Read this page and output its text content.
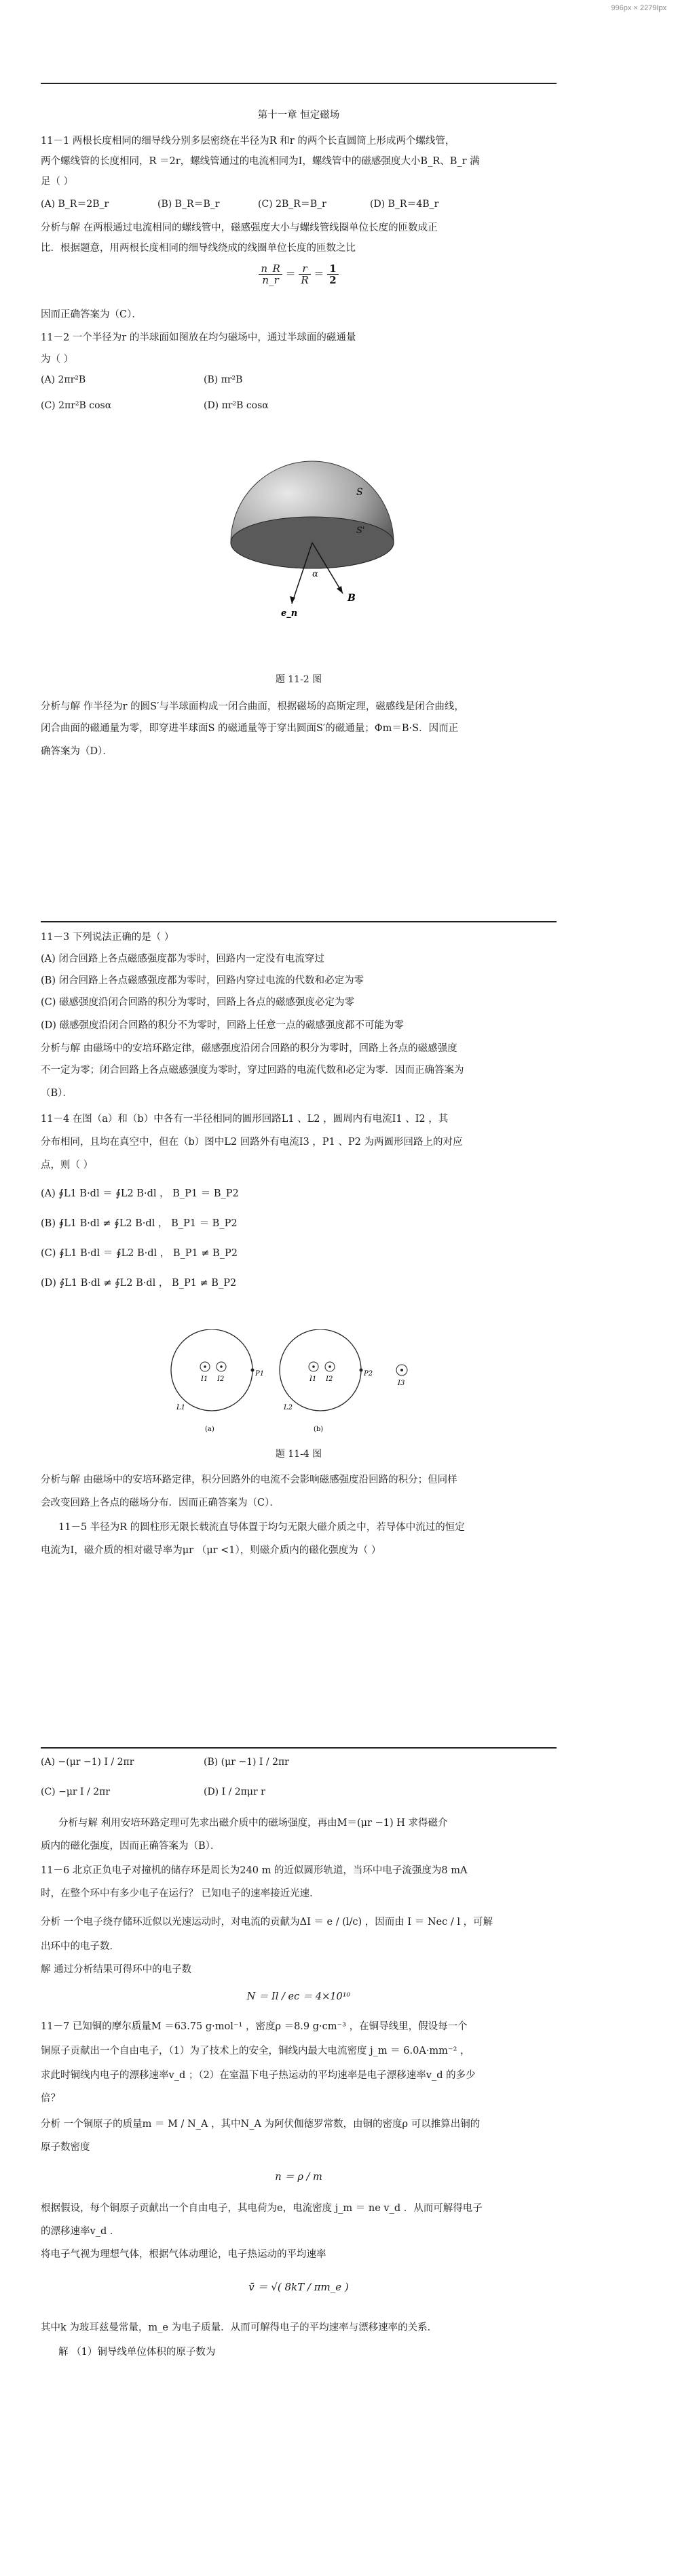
996px × 2279Ipx
第十一章 恒定磁场
11－1 两根长度相同的细导线分别多层密绕在半径为R 和r 的两个长直圆筒上形成两个螺线管，
两个螺线管的长度相同，R ＝2r，螺线管通过的电流相同为I，螺线管中的磁感强度大小B_R、B_r 满
足（ ）
(A) B_R＝2B_r	(B) B_R＝B_r	(C) 2B_R＝B_r	(D) B_R＝4B_r
分析与解 在两根通过电流相同的螺线管中，磁感强度大小与螺线管线圈单位长度的匝数成正
比．根据题意，用两根长度相同的细导线绕成的线圈单位长度的匝数之比
$\frac{n\_R}{n\_r} = \frac{r}{R} = \frac{1}{2}$
因而正确答案为（C）．
11－2 一个半径为r 的半球面如图放在均匀磁场中，通过半球面的磁通量
为（ ）
(A) 2πr²B	(B) πr²B
(C) 2πr²B cosα	(D) πr²B cosα
S
S'
α
e_n
B
题 11-2 图
分析与解 作半径为r 的圆S′与半球面构成一闭合曲面，根据磁场的高斯定理，磁感线是闭合曲线，
闭合曲面的磁通量为零，即穿进半球面S 的磁通量等于穿出圆面S′的磁通量；Φm＝B·S．因而正
确答案为（D）．
11－3 下列说法正确的是（ ）
(A) 闭合回路上各点磁感强度都为零时，回路内一定没有电流穿过
(B) 闭合回路上各点磁感强度都为零时，回路内穿过电流的代数和必定为零
(C) 磁感强度沿闭合回路的积分为零时，回路上各点的磁感强度必定为零
(D) 磁感强度沿闭合回路的积分不为零时，回路上任意一点的磁感强度都不可能为零
分析与解 由磁场中的安培环路定律，磁感强度沿闭合回路的积分为零时，回路上各点的磁感强度
不一定为零；闭合回路上各点磁感强度为零时，穿过回路的电流代数和必定为零．因而正确答案为
（B）．
11－4 在图（a）和（b）中各有一半径相同的圆形回路L1 、L2 ，圆周内有电流I1 、I2 ，其
分布相同，且均在真空中，但在（b）图中L2 回路外有电流I3 ，P1 、P2 为两圆形回路上的对应
点，则（ ）
(A) ∮L1 B·dl ＝ ∮L2 B·dl ， B_P1 ＝ B_P2
(B) ∮L1 B·dl ≠ ∮L2 B·dl ， B_P1 ＝ B_P2
(C) ∮L1 B·dl ＝ ∮L2 B·dl ， B_P1 ≠ B_P2
(D) ∮L1 B·dl ≠ ∮L2 B·dl ， B_P1 ≠ B_P2
I1 I2
P1
L1
I1 I2
P2
I3
L2
(a)	(b)
题 11-4 图
分析与解 由磁场中的安培环路定律，积分回路外的电流不会影响磁感强度沿回路的积分；但同样
会改变回路上各点的磁场分布．因而正确答案为（C）．
11－5 半径为R 的圆柱形无限长载流直导体置于均匀无限大磁介质之中，若导体中流过的恒定
电流为I，磁介质的相对磁导率为μr （μr <1），则磁介质内的磁化强度为（ ）
(A) −(μr −1) I / 2πr	(B) (μr −1) I / 2πr
(C) −μr I / 2πr	(D) I / 2πμr r
分析与解 利用安培环路定理可先求出磁介质中的磁场强度，再由M＝(μr −1) H 求得磁介
质内的磁化强度，因而正确答案为（B）．
11－6 北京正负电子对撞机的储存环是周长为240 m 的近似圆形轨道，当环中电子流强度为8 mA
时，在整个环中有多少电子在运行？ 已知电子的速率接近光速．
分析 一个电子绕存储环近似以光速运动时，对电流的贡献为ΔI ＝ e / (l/c) ，因而由 I ＝ Nec / l ，可解
出环中的电子数．
解 通过分析结果可得环中的电子数
N ＝ Il / ec ＝ 4×10¹⁰
11－7 已知铜的摩尔质量M ＝63.75 g·mol⁻¹ ，密度ρ ＝8.9 g·cm⁻³ ，在铜导线里，假设每一个
铜原子贡献出一个自由电子，（1）为了技术上的安全，铜线内最大电流密度 j_m ＝ 6.0A·mm⁻² ，
求此时铜线内电子的漂移速率v_d ；（2）在室温下电子热运动的平均速率是电子漂移速率v_d 的多少
倍？
分析 一个铜原子的质量m ＝ M / N_A ，其中N_A 为阿伏伽德罗常数，由铜的密度ρ 可以推算出铜的
原子数密度
n ＝ ρ / m
根据假设，每个铜原子贡献出一个自由电子，其电荷为e，电流密度 j_m ＝ ne v_d ．从而可解得电子
的漂移速率v_d ．
将电子气视为理想气体，根据气体动理论，电子热运动的平均速率
v̄ ＝ √( 8kT / πm_e )
其中k 为玻耳兹曼常量，m_e 为电子质量．从而可解得电子的平均速率与漂移速率的关系．
解 （1）铜导线单位体积的原子数为
